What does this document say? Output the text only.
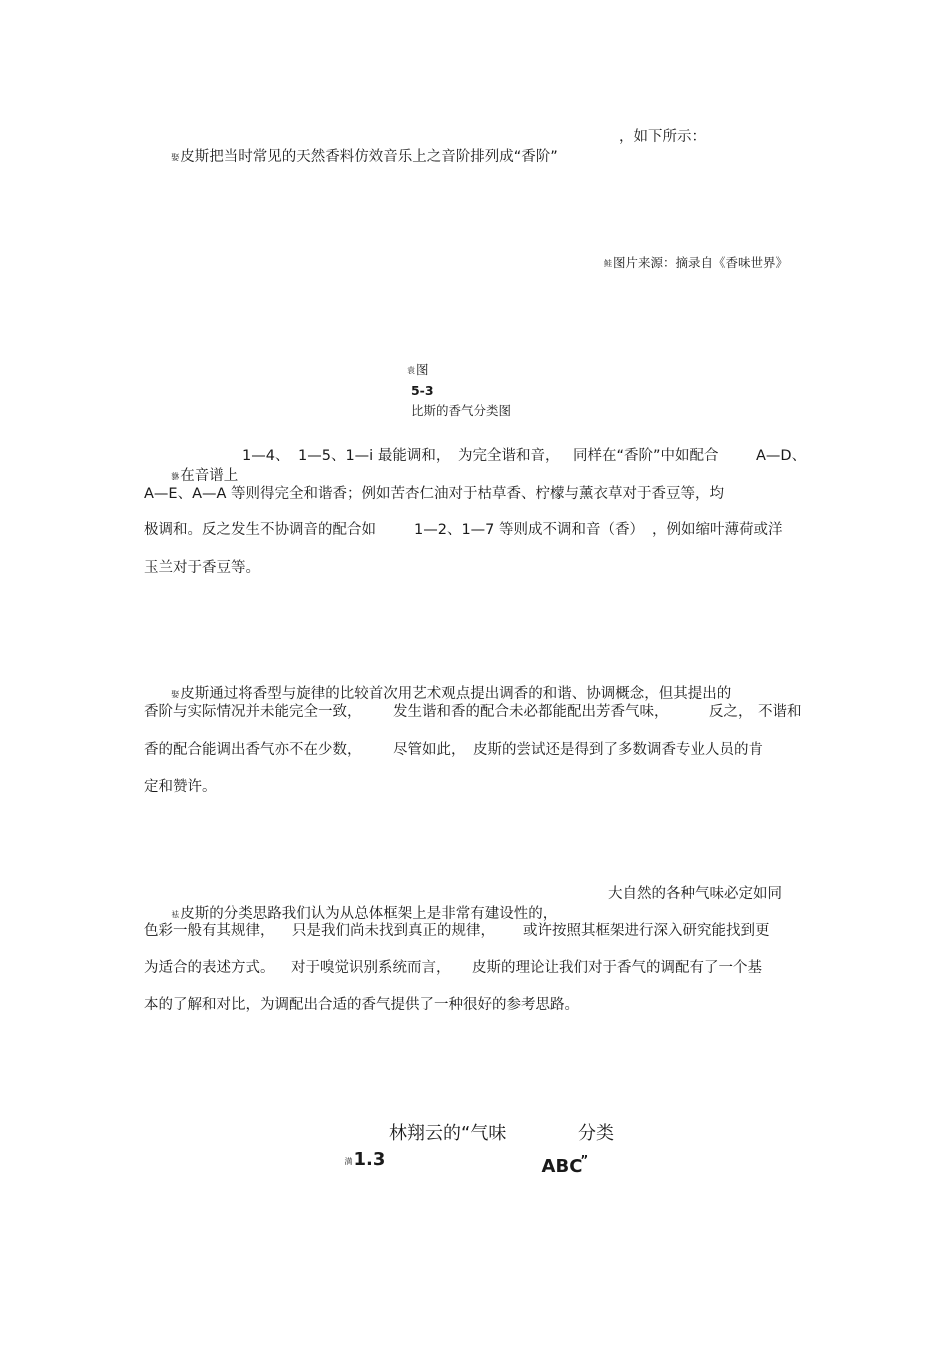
娶皮斯把当时常见的天然香料仿效音乐上之音阶排列成“香阶”

，如下所示：

鲑图片来源：摘录自《香味世界》

袁图
5-3
比斯的香气分类图

貅在音谱上

1—4、 1—5、1—i 最能调和， 为完全谐和音， 同样在“香阶”中如配合	A—D、
A—E、A—A 等则得完全和谐香；例如苦杏仁油对于枯草香、柠檬与薰衣草对于香豆等，均
极调和。反之发生不协调音的配合如	1—2、1—7 等则成不调和音（香） ，例如缩叶薄荷或洋
玉兰对于香豆等。

娶皮斯通过将香型与旋律的比较首次用艺术观点提出调香的和谐、协调概念，但其提出的

香阶与实际情况并未能完全一致， 发生谐和香的配合未必都能配出芳香气味，	反之， 不谐和
香的配合能调出香气亦不在少数， 尽管如此， 皮斯的尝试还是得到了多数调香专业人员的肯
定和赞许。

袪皮斯的分类思路我们认为从总体框架上是非常有建设性的，

大自然的各种气味必定如同
色彩一般有其规律， 只是我们尚未找到真正的规律， 或许按照其框架进行深入研究能找到更
为适合的表述方式。 对于嗅觉识别系统而言， 皮斯的理论让我们对于香气的调配有了一个基
本的了解和对比，为调配出合适的香气提供了一种很好的参考思路。

満1.3

林翔云的“气味

ABC”

分类
